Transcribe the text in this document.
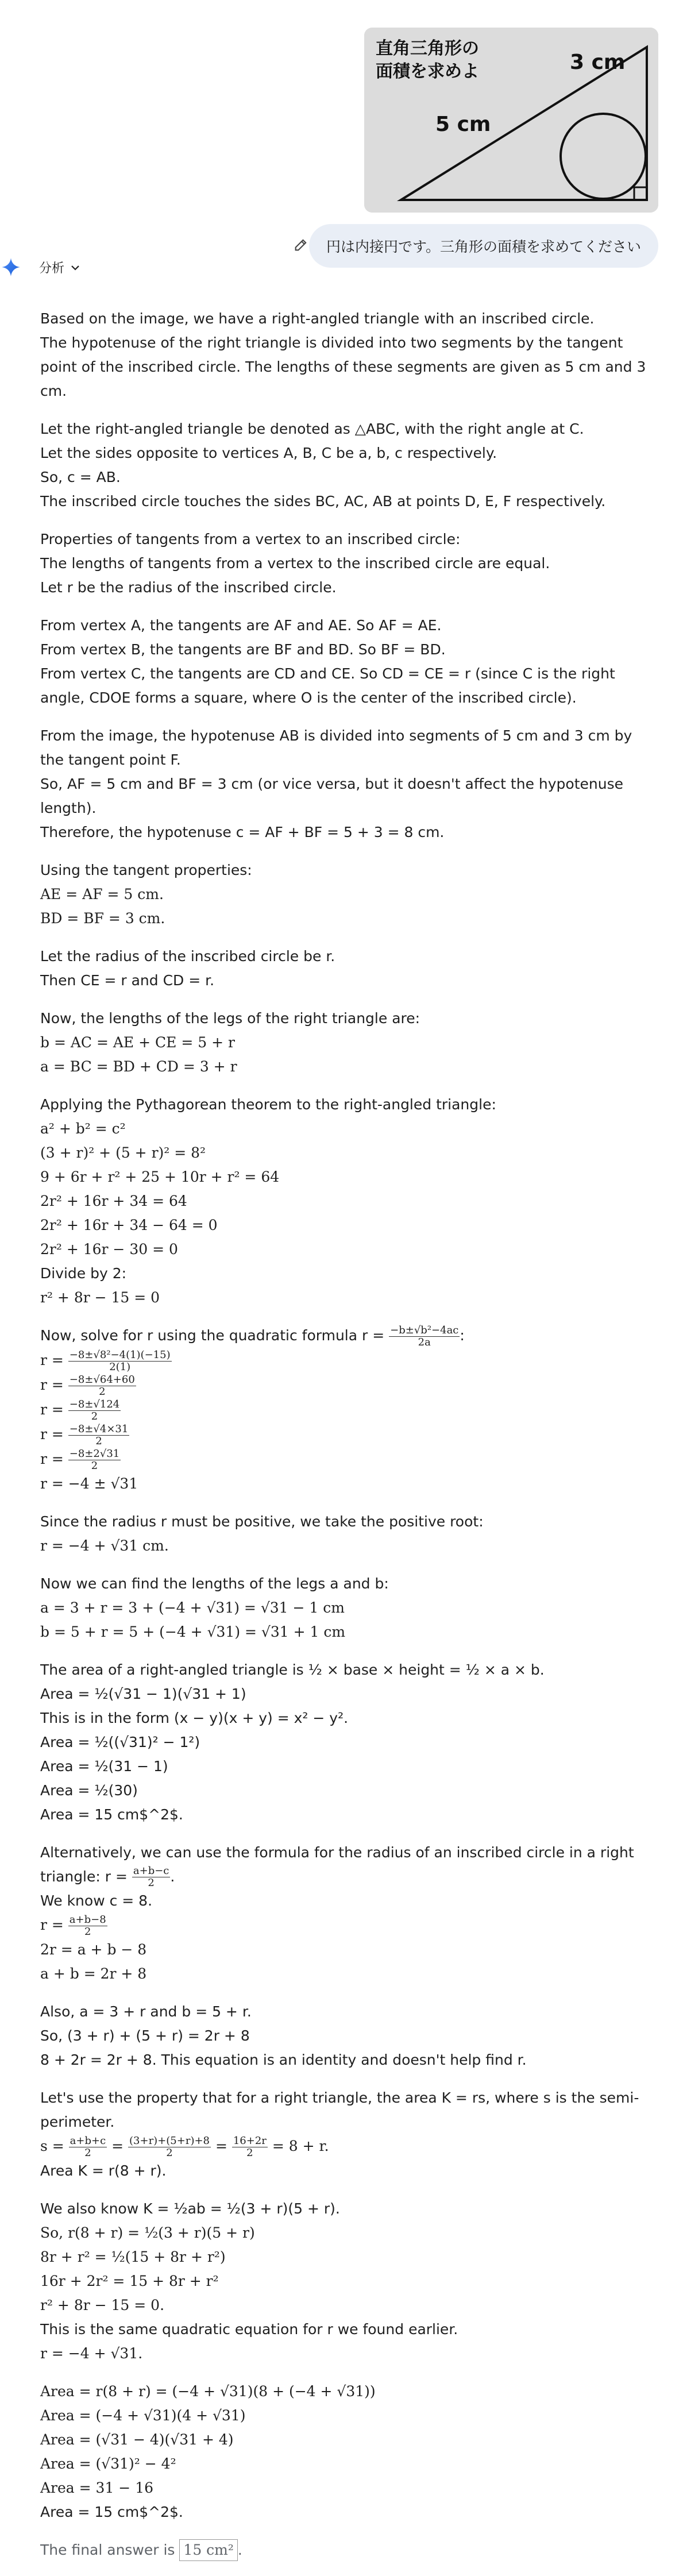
直角三角形の
面積を求めよ	3 cm
5 cm
円は内接円です。三角形の面積を求めてください
分析

Based on the image, we have a right-angled triangle with an inscribed circle.

The hypotenuse of the right triangle is divided into two segments by the tangent point of the inscribed circle. The lengths of these segments are given as 5 cm and 3 cm.

Let the right-angled triangle be denoted as △ABC, with the right angle at C.

Let the sides opposite to vertices A, B, C be a, b, c respectively.

So, c = AB.

The inscribed circle touches the sides BC, AC, AB at points D, E, F respectively.

Properties of tangents from a vertex to an inscribed circle:

The lengths of tangents from a vertex to the inscribed circle are equal.

Let r be the radius of the inscribed circle.

From vertex A, the tangents are AF and AE. So AF = AE.

From vertex B, the tangents are BF and BD. So BF = BD.

From vertex C, the tangents are CD and CE. So CD = CE = r (since C is the right angle, CDOE forms a square, where O is the center of the inscribed circle).

From the image, the hypotenuse AB is divided into segments of 5 cm and 3 cm by the tangent point F.

So, AF = 5 cm and BF = 3 cm (or vice versa, but it doesn't affect the hypotenuse length).

Therefore, the hypotenuse c = AF + BF = 5 + 3 = 8 cm.

Using the tangent properties:

AE = AF = 5 cm.

BD = BF = 3 cm.

Let the radius of the inscribed circle be r.

Then CE = r and CD = r.

Now, the lengths of the legs of the right triangle are:

b = AC = AE + CE = 5 + r

a = BC = BD + CD = 3 + r

Applying the Pythagorean theorem to the right-angled triangle:

a² + b² = c²

(3 + r)² + (5 + r)² = 8²

9 + 6r + r² + 25 + 10r + r² = 64

2r² + 16r + 34 = 64

2r² + 16r + 34 − 64 = 0

2r² + 16r − 30 = 0

Divide by 2:

r² + 8r − 15 = 0

Now, solve for r using the quadratic formula $r = \frac{\text{−b±√b²−4ac}}{2a}$ :

$r = \frac{\text{−8±√8²−4(1)(−15)}}{2(1)}$

$r = \frac{-8\pm√64+60}{2}$

$r = \frac{-8\pm√124}{2}$

$r = \frac{-8\pm√4\times 31}{2}$

$r = \frac{-8\pm 2√31}{2}$

r = −4 ± √31

Since the radius r must be positive, we take the positive root:

r = −4 + √31 cm.

Now we can find the lengths of the legs a and b:

a = 3 + r = 3 + (−4 + √31) = √31 − 1 cm

b = 5 + r = 5 + (−4 + √31) = √31 + 1 cm

The area of a right-angled triangle is ½ × base × height = ½ × a × b.

Area = ½(√31 − 1)(√31 + 1)

This is in the form (x − y)(x + y) = x² − y².

Area = ½((√31)² − 1²)

Area = ½(31 − 1)

Area = ½(30)

Area = 15 cm$^2$.

Alternatively, we can use the formula for the radius of an inscribed circle in a right triangle: $r = \frac{a+b-c}{2}$ .

We know c = 8.

$r = \frac{a+b-8}{2}$

2r = a + b − 8

a + b = 2r + 8

Also, a = 3 + r and b = 5 + r.

So, (3 + r) + (5 + r) = 2r + 8

8 + 2r = 2r + 8. This equation is an identity and doesn't help find r.

Let's use the property that for a right triangle, the area K = rs, where s is the semi-perimeter.

$s = \frac{a+b+c}{2} = \frac{(3+r)+(5+r)+8}{2} = \frac{16+2r}{2} = 8 + r$.

Area K = r(8 + r).

We also know K = ½ab = ½(3 + r)(5 + r).

So, r(8 + r) = ½(3 + r)(5 + r)

8r + r² = ½(15 + 8r + r²)

16r + 2r² = 15 + 8r + r²

r² + 8r − 15 = 0.

This is the same quadratic equation for r we found earlier.

r = −4 + √31.

Area = r(8 + r) = (−4 + √31)(8 + (−4 + √31))

Area = (−4 + √31)(4 + √31)

Area = (√31 − 4)(√31 + 4)

Area = (√31)² − 4²

Area = 31 − 16

Area = 15 cm$^2$.

The final answer is 15 cm² .
